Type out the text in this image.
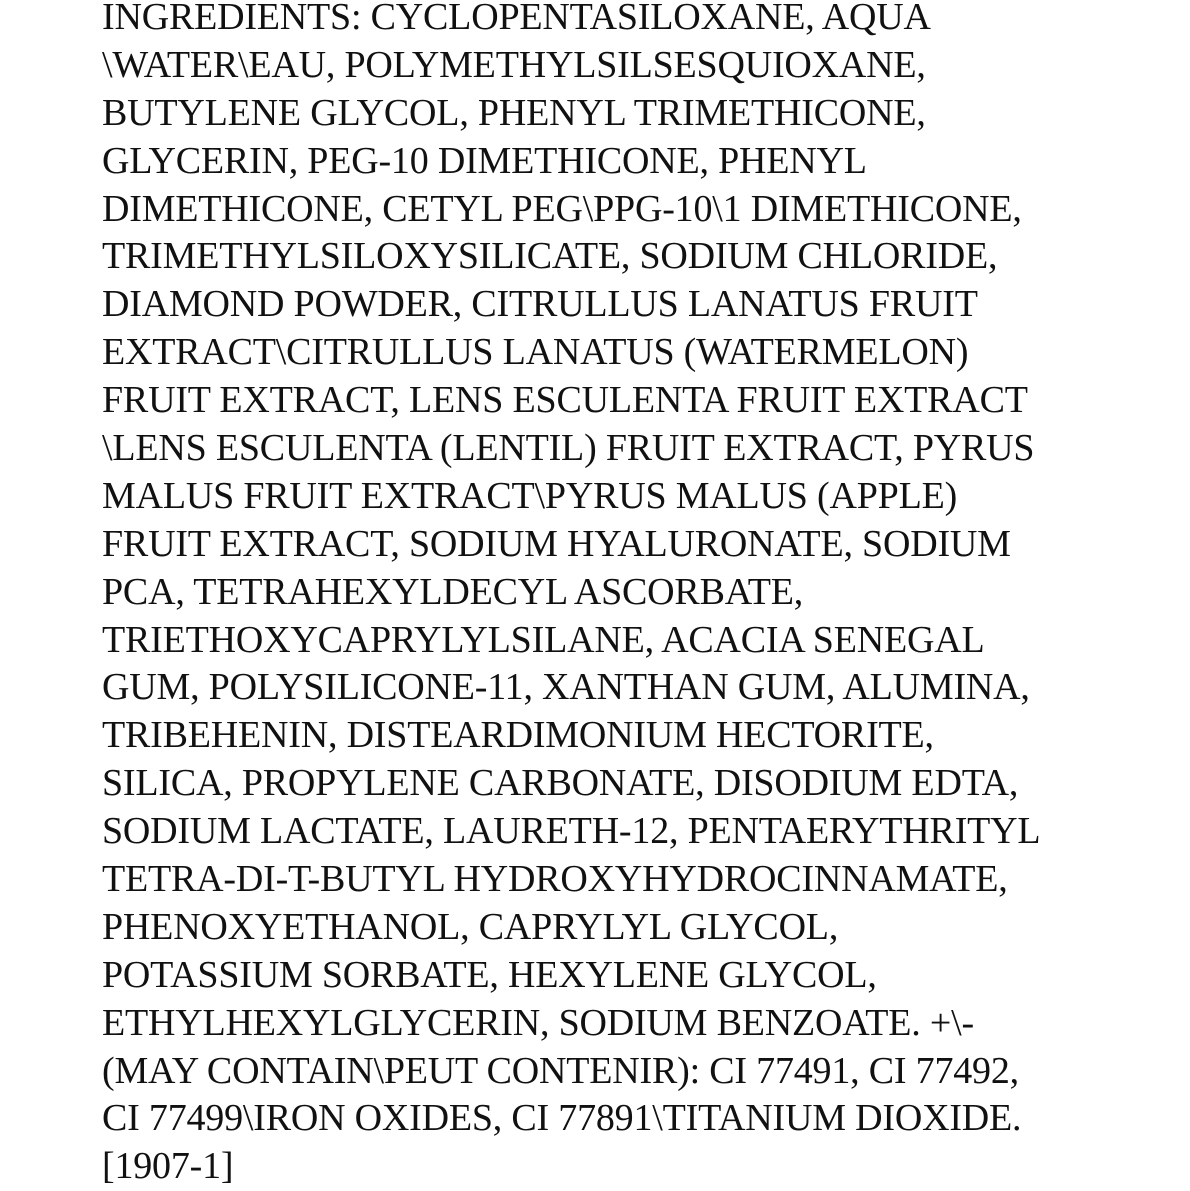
INGREDIENTS: CYCLOPENTASILOXANE, AQUA
\WATER\EAU, POLYMETHYLSILSESQUIOXANE,
BUTYLENE GLYCOL, PHENYL TRIMETHICONE,
GLYCERIN, PEG-10 DIMETHICONE, PHENYL
DIMETHICONE, CETYL PEG\PPG-10\1 DIMETHICONE,
TRIMETHYLSILOXYSILICATE, SODIUM CHLORIDE,
DIAMOND POWDER, CITRULLUS LANATUS FRUIT
EXTRACT\CITRULLUS LANATUS (WATERMELON)
FRUIT EXTRACT, LENS ESCULENTA FRUIT EXTRACT
\LENS ESCULENTA (LENTIL) FRUIT EXTRACT, PYRUS
MALUS FRUIT EXTRACT\PYRUS MALUS (APPLE)
FRUIT EXTRACT, SODIUM HYALURONATE, SODIUM
PCA, TETRAHEXYLDECYL ASCORBATE,
TRIETHOXYCAPRYLYLSILANE, ACACIA SENEGAL
GUM, POLYSILICONE-11, XANTHAN GUM, ALUMINA,
TRIBEHENIN, DISTEARDIMONIUM HECTORITE,
SILICA, PROPYLENE CARBONATE, DISODIUM EDTA,
SODIUM LACTATE, LAURETH-12, PENTAERYTHRITYL
TETRA-DI-T-BUTYL HYDROXYHYDROCINNAMATE,
PHENOXYETHANOL, CAPRYLYL GLYCOL,
POTASSIUM SORBATE, HEXYLENE GLYCOL,
ETHYLHEXYLGLYCERIN, SODIUM BENZOATE. +\-
(MAY CONTAIN\PEUT CONTENIR): CI 77491, CI 77492,
CI 77499\IRON OXIDES, CI 77891\TITANIUM DIOXIDE.
[1907-1]
